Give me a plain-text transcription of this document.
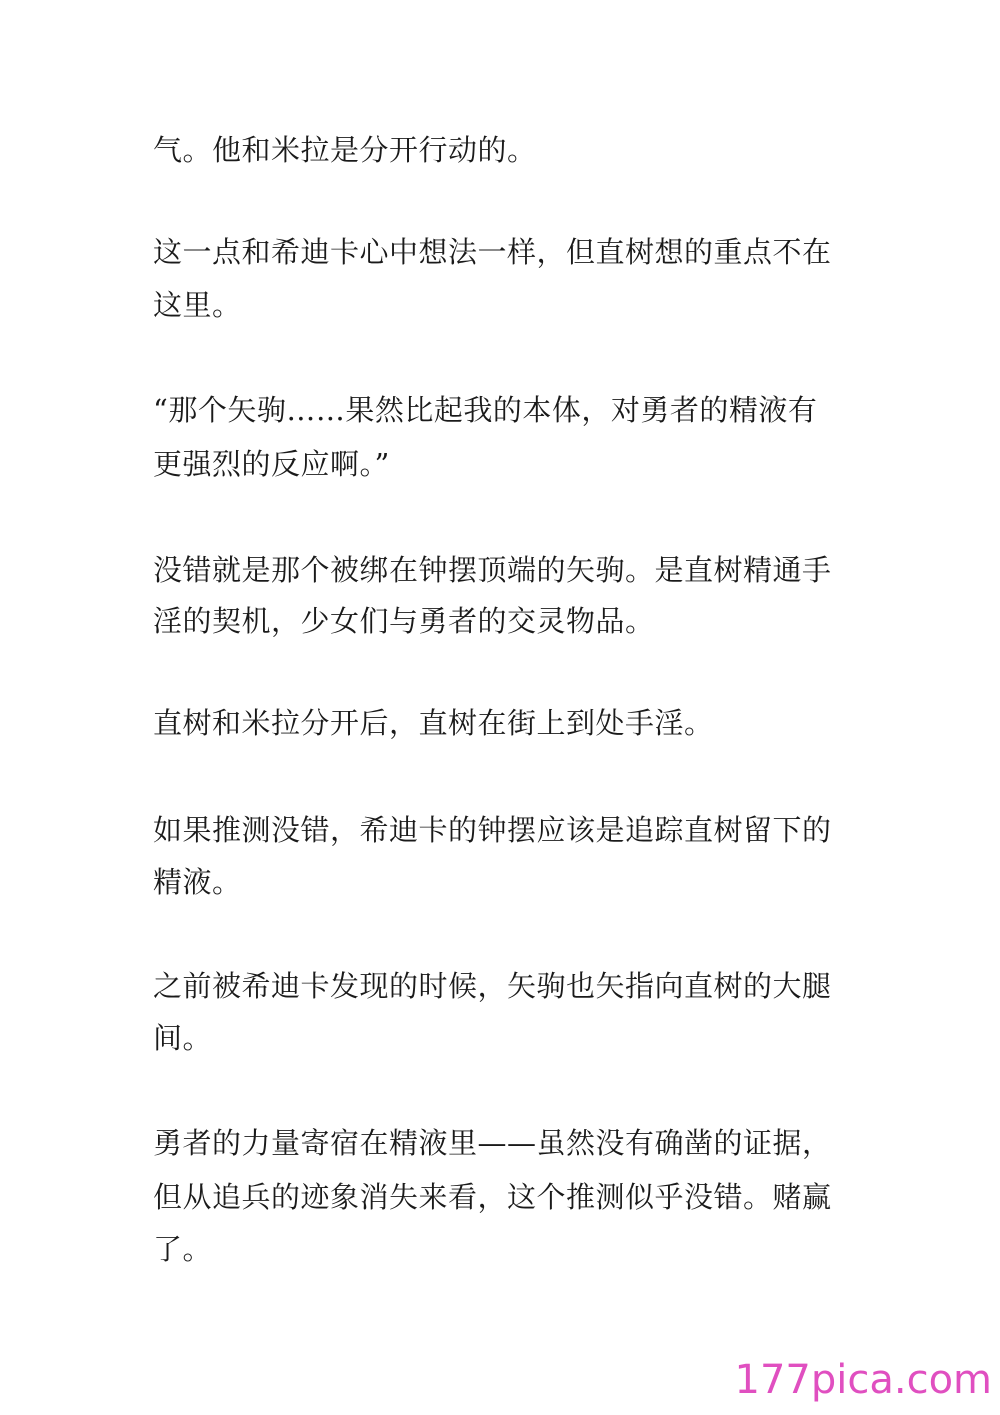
气。他和米拉是分开行动的。
这一点和希迪卡心中想法一样，但直树想的重点不在
这里。
“那个矢驹……果然比起我的本体，对勇者的精液有
更强烈的反应啊。”
没错就是那个被绑在钟摆顶端的矢驹。是直树精通手
淫的契机，少女们与勇者的交灵物品。
直树和米拉分开后，直树在街上到处手淫。
如果推测没错，希迪卡的钟摆应该是追踪直树留下的
精液。
之前被希迪卡发现的时候，矢驹也矢指向直树的大腿
间。
勇者的力量寄宿在精液里——虽然没有确凿的证据，
但从追兵的迹象消失来看，这个推测似乎没错。赌赢
了。
177pica.com
